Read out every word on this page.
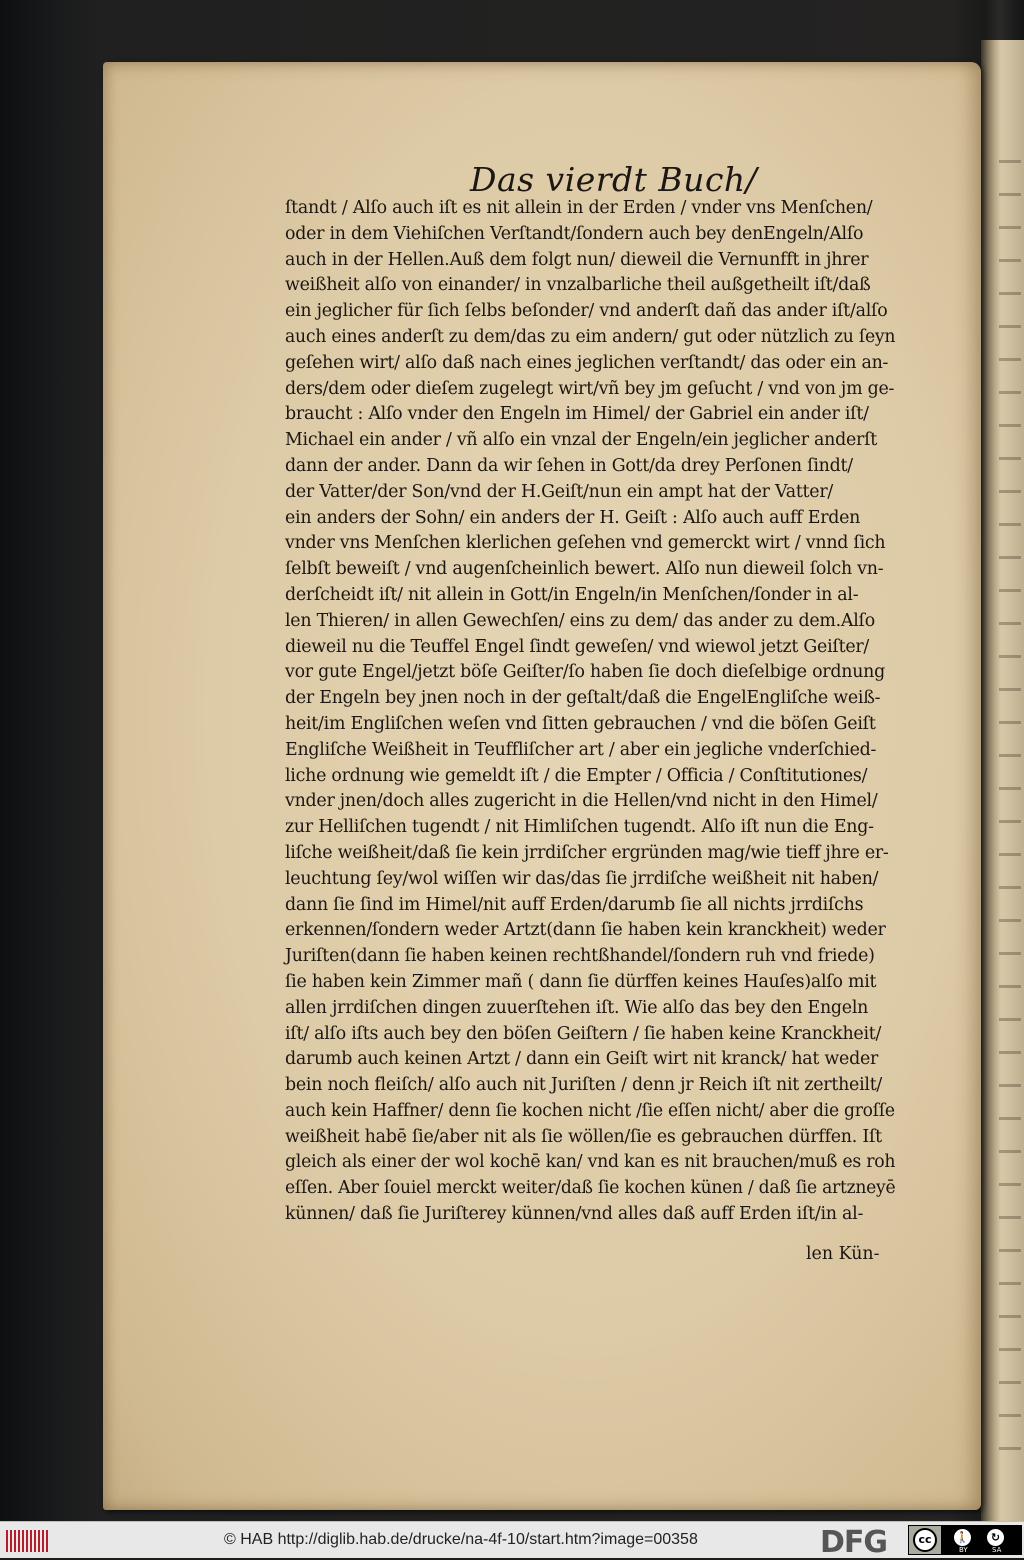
Das vierdt Buch/
ſtandt / Alſo auch iſt es nit allein in der Erden / vnder vns Menſchen/
oder in dem Viehiſchen Verſtandt/ſondern auch bey denEngeln/Alſo
auch in der Hellen.Auß dem folgt nun/ dieweil die Vernunfft in jhrer
weißheit alſo von einander/ in vnzalbarliche theil außgetheilt iſt/daß
ein jeglicher für ſich ſelbs beſonder/ vnd anderſt dañ das ander iſt/alſo
auch eines anderſt zu dem/das zu eim andern/ gut oder nützlich zu ſeyn
geſehen wirt/ alſo daß nach eines jeglichen verſtandt/ das oder ein an-
ders/dem oder dieſem zugelegt wirt/vñ bey jm geſucht / vnd von jm ge-
braucht : Alſo vnder den Engeln im Himel/ der Gabriel ein ander iſt/
Michael ein ander / vñ alſo ein vnzal der Engeln/ein jeglicher anderſt
dann der ander. Dann da wir ſehen in Gott/da drey Perſonen ſindt/
der Vatter/der Son/vnd der H.Geiſt/nun ein ampt hat der Vatter/
ein anders der Sohn/ ein anders der H. Geiſt : Alſo auch auff Erden
vnder vns Menſchen klerlichen geſehen vnd gemerckt wirt / vnnd ſich
ſelbſt beweiſt / vnd augenſcheinlich bewert. Alſo nun dieweil ſolch vn-
derſcheidt iſt/ nit allein in Gott/in Engeln/in Menſchen/ſonder in al-
len Thieren/ in allen Gewechſen/ eins zu dem/ das ander zu dem.Alſo
dieweil nu die Teuffel Engel ſindt geweſen/ vnd wiewol jetzt Geiſter/
vor gute Engel/jetzt böſe Geiſter/ſo haben ſie doch dieſelbige ordnung
der Engeln bey jnen noch in der geſtalt/daß die EngelEngliſche weiß-
heit/im Engliſchen weſen vnd ſitten gebrauchen / vnd die böſen Geiſt
Engliſche Weißheit in Teuffliſcher art / aber ein jegliche vnderſchied-
liche ordnung wie gemeldt iſt / die Empter / Officia / Conſtitutiones/
vnder jnen/doch alles zugericht in die Hellen/vnd nicht in den Himel/
zur Helliſchen tugendt / nit Himliſchen tugendt. Alſo iſt nun die Eng-
liſche weißheit/daß ſie kein jrrdiſcher ergründen mag/wie tieff jhre er-
leuchtung ſey/wol wiſſen wir das/das ſie jrrdiſche weißheit nit haben/
dann ſie ſind im Himel/nit auff Erden/darumb ſie all nichts jrrdiſchs
erkennen/ſondern weder Artzt(dann ſie haben kein kranckheit) weder
Juriſten(dann ſie haben keinen rechtßhandel/ſondern ruh vnd friede)
ſie haben kein Zimmer mañ ( dann ſie dürffen keines Hauſes)alſo mit
allen jrrdiſchen dingen zuuerſtehen iſt. Wie alſo das bey den Engeln
iſt/ alſo iſts auch bey den böſen Geiſtern / ſie haben keine Kranckheit/
darumb auch keinen Artzt / dann ein Geiſt wirt nit kranck/ hat weder
bein noch fleiſch/ alſo auch nit Juriſten / denn jr Reich iſt nit zertheilt/
auch kein Haffner/ denn ſie kochen nicht /ſie eſſen nicht/ aber die groſſe
weißheit habē ſie/aber nit als ſie wöllen/ſie es gebrauchen dürffen. Iſt
gleich als einer der wol kochē kan/ vnd kan es nit brauchen/muß es roh
eſſen. Aber ſouiel merckt weiter/daß ſie kochen künen / daß ſie artzneyē
künnen/ daß ſie Juriſterey künnen/vnd alles daß auff Erden iſt/in al-
len Kün-
© HAB http://diglib.hab.de/drucke/na-4f-10/start.htm?image=00358	DFG	cc	🚶	↻
BY	SA
